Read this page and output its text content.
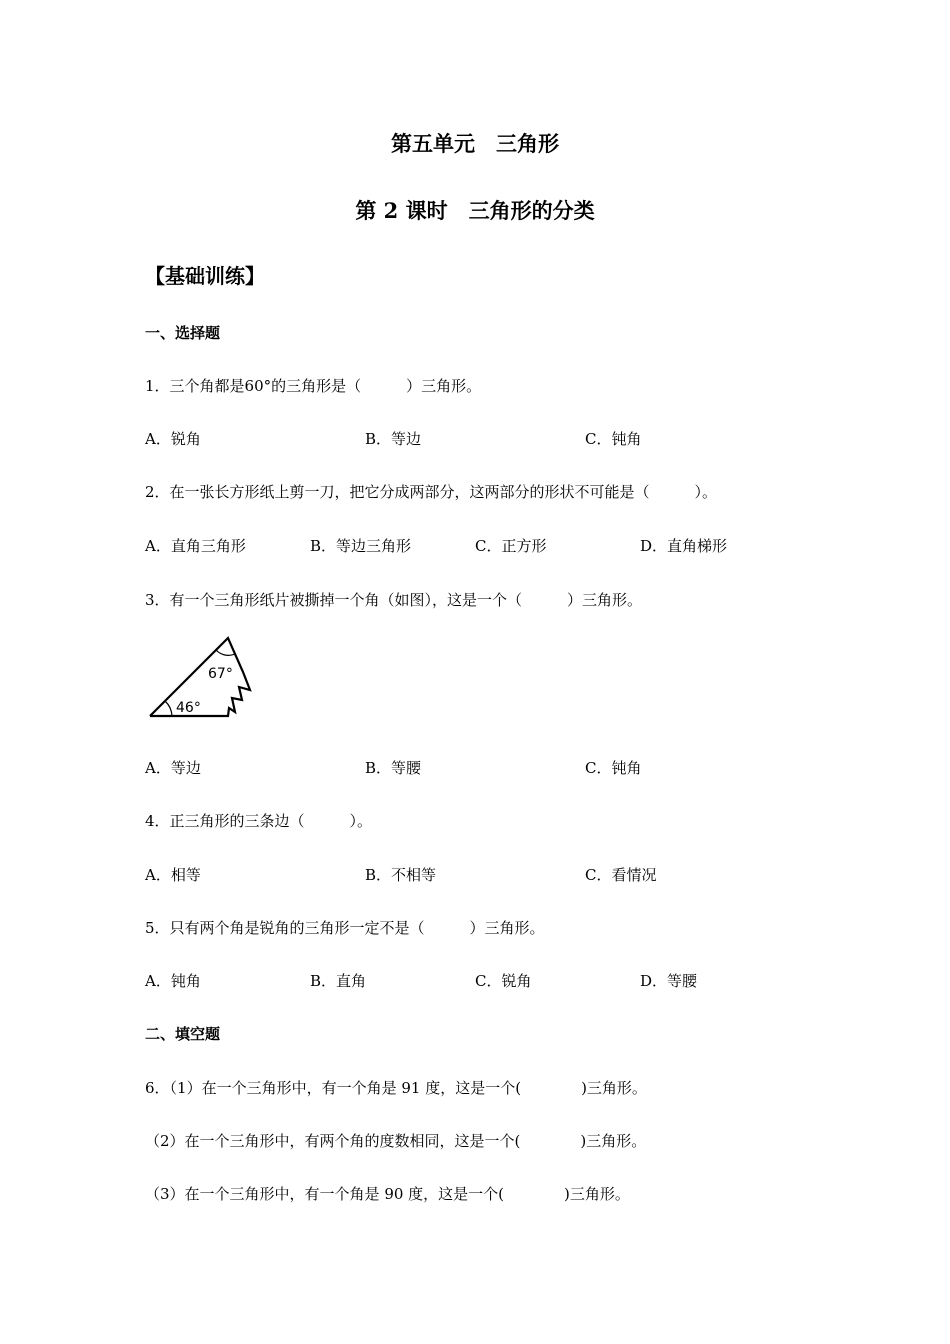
第五单元　三角形
第 2 课时　三角形的分类
【基础训练】
一、选择题
1．三个角都是60°的三角形是（　　　）三角形。
A．锐角	B．等边	C．钝角
2．在一张长方形纸上剪一刀，把它分成两部分，这两部分的形状不可能是（　　　）。
A．直角三角形	B．等边三角形	C．正方形	D．直角梯形
3．有一个三角形纸片被撕掉一个角（如图），这是一个（　　　）三角形。
67°
46°
A．等边	B．等腰	C．钝角
4．正三角形的三条边（　　　）。
A．相等	B．不相等	C．看情况
5．只有两个角是锐角的三角形一定不是（　　　）三角形。
A．钝角	B．直角	C．锐角	D．等腰
二、填空题
6．（1）在一个三角形中，有一个角是 91 度，这是一个(　　　　)三角形。
（2）在一个三角形中，有两个角的度数相同，这是一个(　　　　)三角形。
（3）在一个三角形中，有一个角是 90 度，这是一个(　　　　)三角形。
